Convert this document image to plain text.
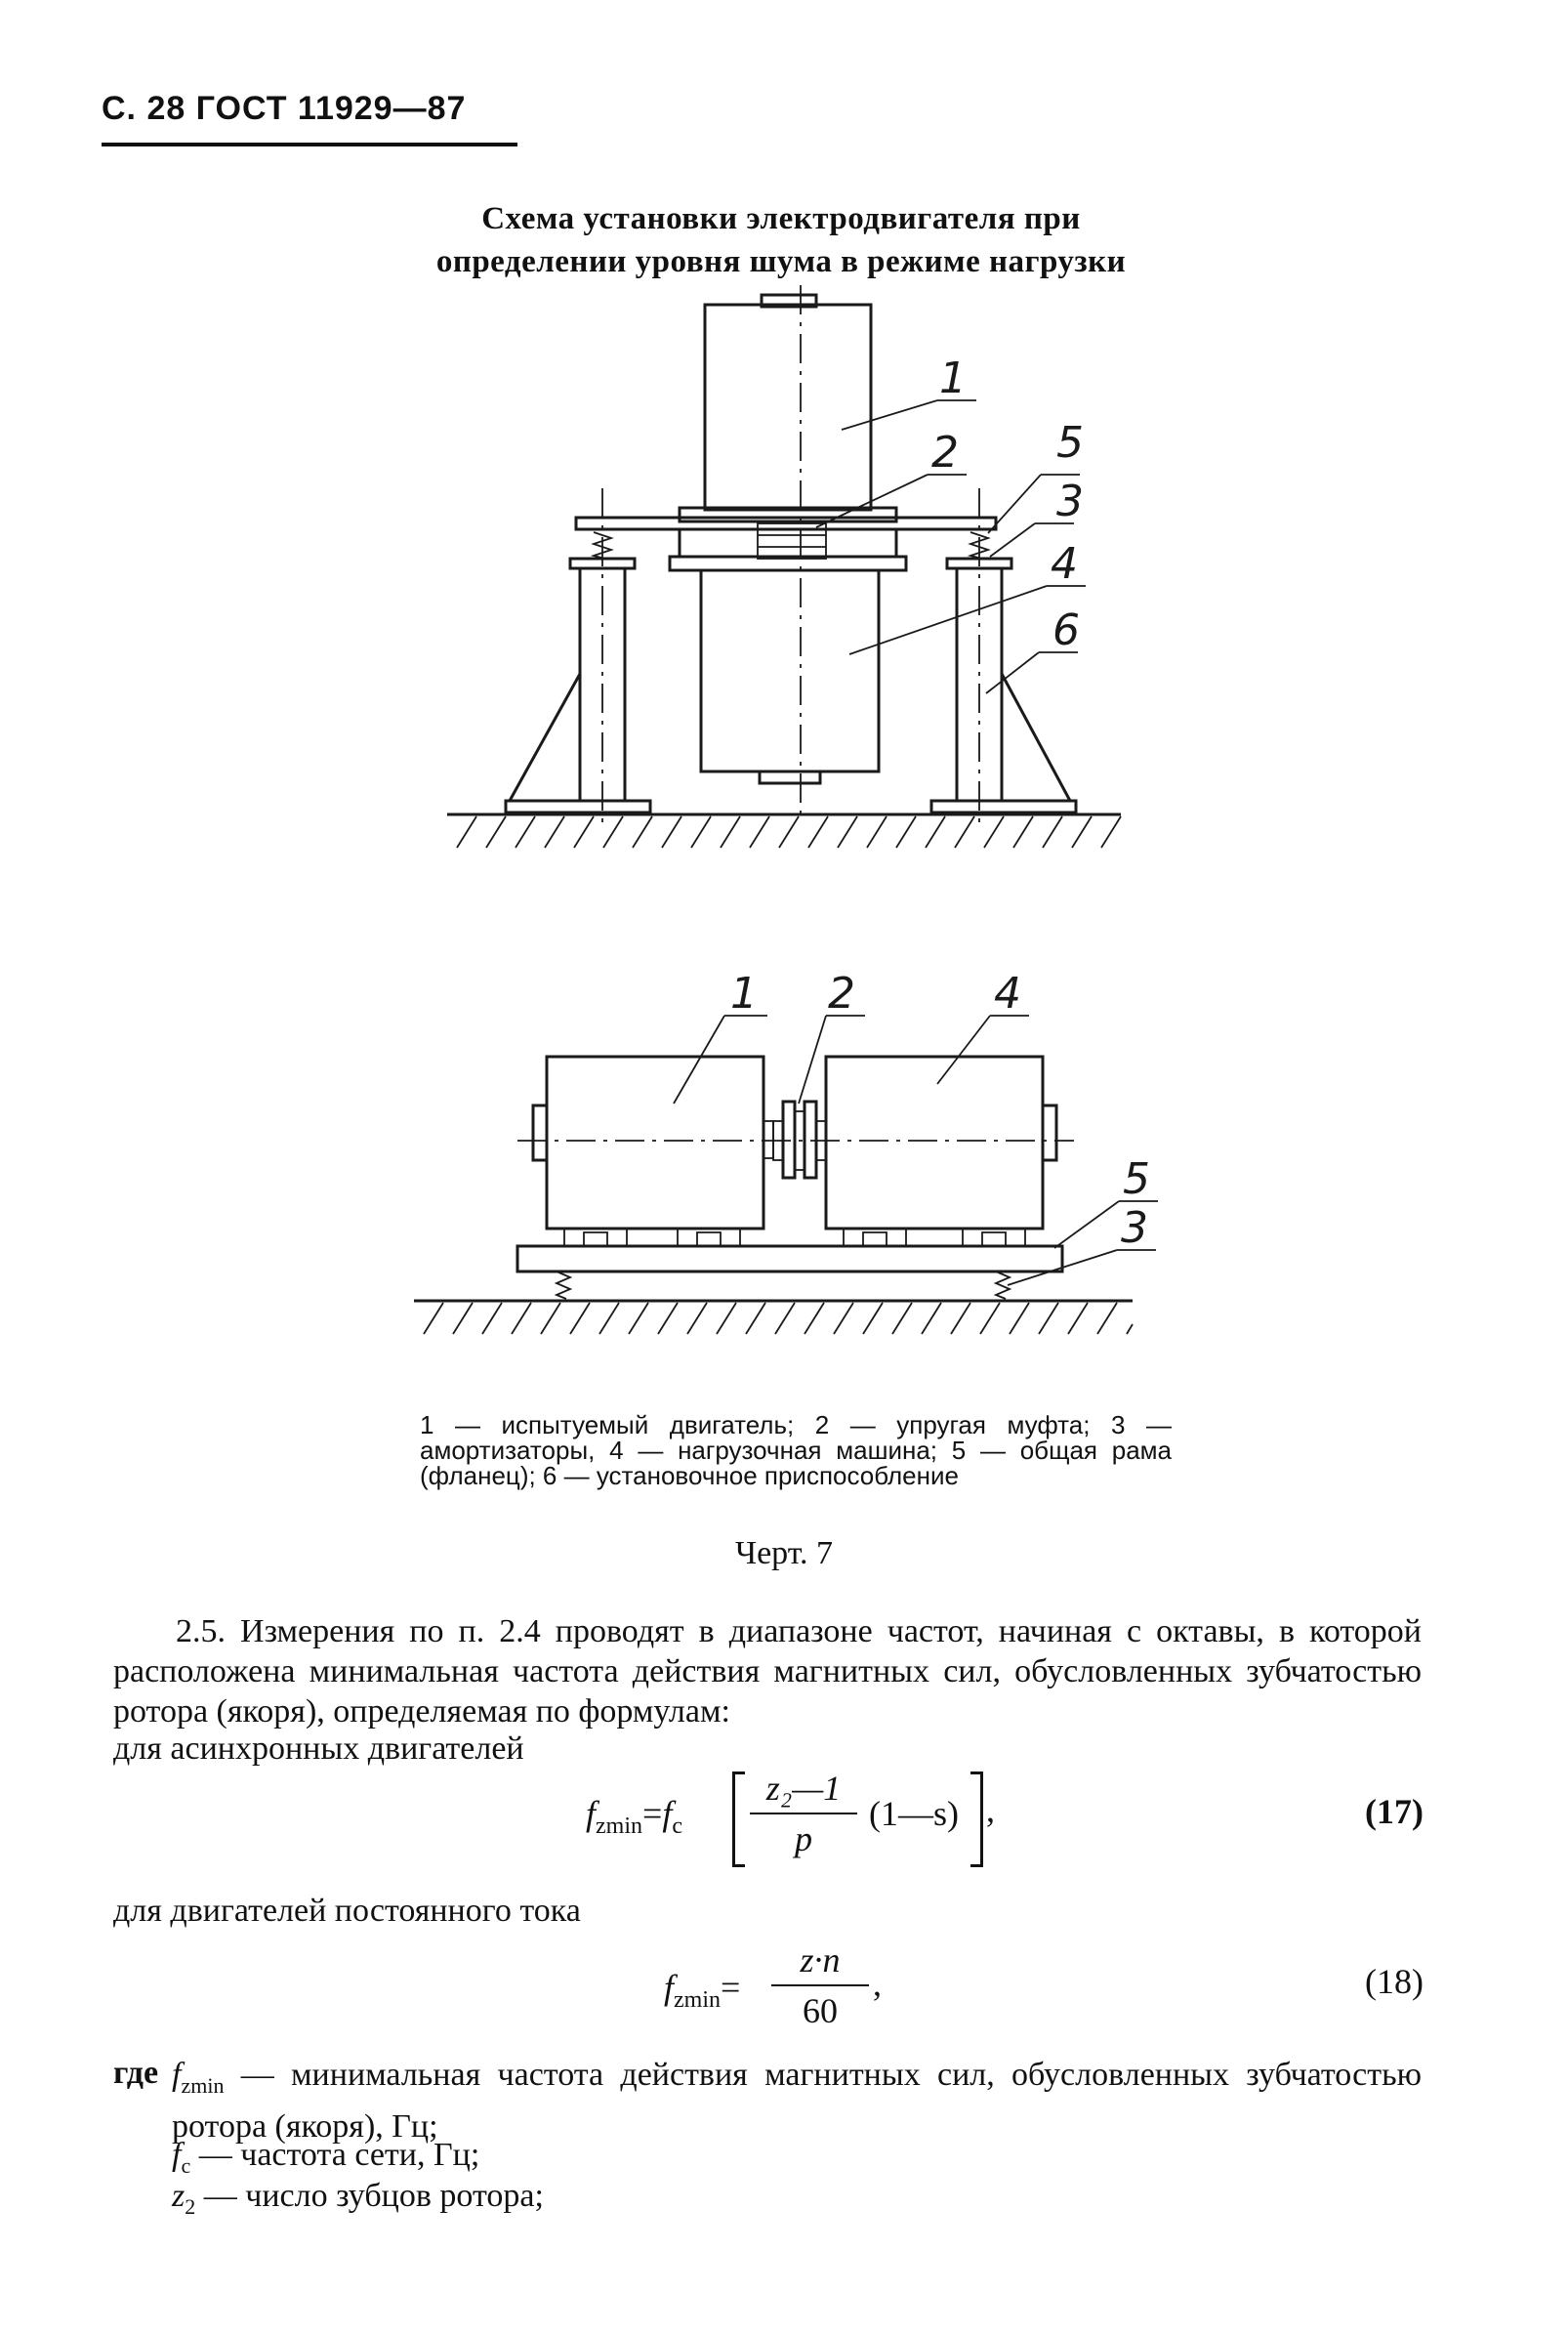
С. 28 ГОСТ 11929—87
Схема установки электродвигателя при
определении уровня шума в режиме нагрузки
1
2 5
3
4
6
1 2	4
5
3
1 — испытуемый двигатель; 2 — упругая муфта; 3 — амортизаторы, 4 — нагрузочная машина; 5 — общая рама (фланец); 6 — установочное приспособление
Черт. 7
2.5. Измерения по п. 2.4 проводят в диапазоне частот, начиная с октавы, в которой расположена минимальная частота действия магнитных сил, обусловленных зубчатостью ротора (якоря), определяемая по формулам:
для асинхронных двигателей
$f_{zmin}=f_c$
z₂—1
p
(1—s) ,	(17)
для двигателей постоянного тока
$f_{zmin}=$
z·n
60
,	(18)
где $f_{zmin}$ — минимальная частота действия магнитных сил, обусловленных зубчатостью ротора (якоря), Гц;
$f_c$ — частота сети, Гц;
$z_2$ — число зубцов ротора;
